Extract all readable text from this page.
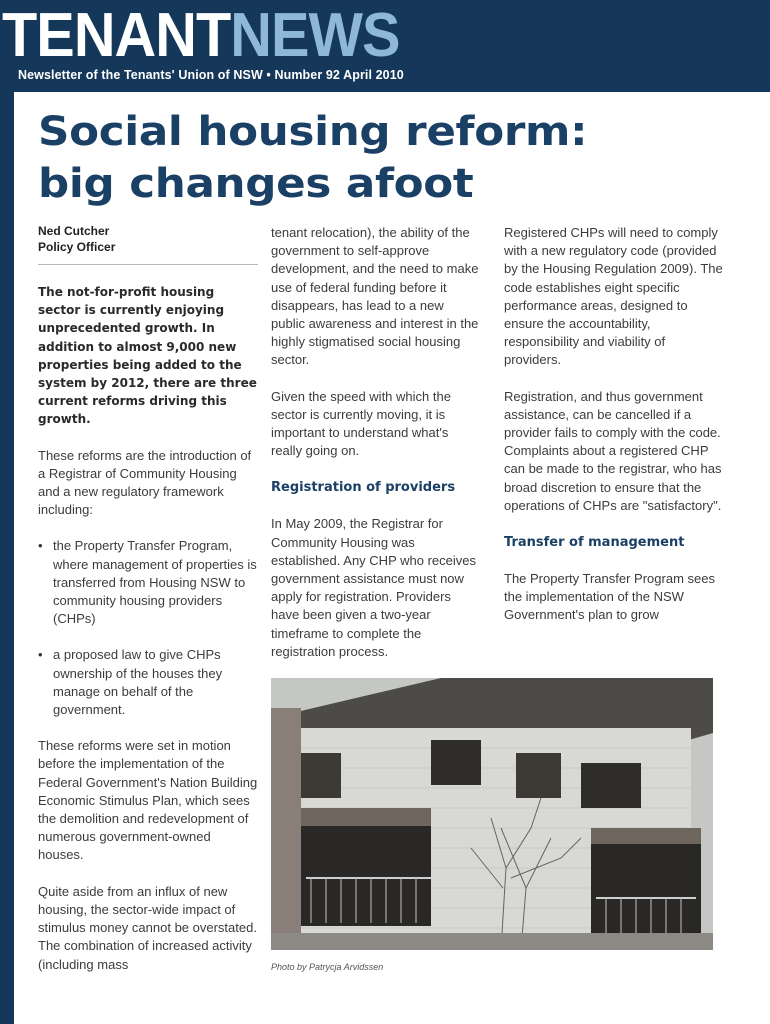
TENANTNEWS
Newsletter of the Tenants' Union of NSW • Number 92 April 2010
Social housing reform:
big changes afoot
Ned Cutcher
Policy Officer

The not-for-profit housing sector is currently enjoying unprecedented growth. In addition to almost 9,000 new properties being added to the system by 2012, there are three current reforms driving this growth.

These reforms are the introduction of a Registrar of Community Housing and a new regulatory framework including:

• the Property Transfer Program, where management of properties is transferred from Housing NSW to community housing providers (CHPs)
• a proposed law to give CHPs ownership of the houses they manage on behalf of the government.

These reforms were set in motion before the implementation of the Federal Government's Nation Building Economic Stimulus Plan, which sees the demolition and redevelopment of numerous government-owned houses.

Quite aside from an influx of new housing, the sector-wide impact of stimulus money cannot be overstated. The combination of increased activity (including mass

tenant relocation), the ability of the government to self-approve development, and the need to make use of federal funding before it disappears, has lead to a new public awareness and interest in the highly stigmatised social housing sector.

Given the speed with which the sector is currently moving, it is important to understand what's really going on.

Registration of providers

In May 2009, the Registrar for Community Housing was established. Any CHP who receives government assistance must now apply for registration. Providers have been given a two-year timeframe to complete the registration process.

Registered CHPs will need to comply with a new regulatory code (provided by the Housing Regulation 2009). The code establishes eight specific performance areas, designed to ensure the accountability, responsibility and viability of providers.

Registration, and thus government assistance, can be cancelled if a provider fails to comply with the code. Complaints about a registered CHP can be made to the registrar, who has broad discretion to ensure that the operations of CHPs are "satisfactory".

Transfer of management

The Property Transfer Program sees the implementation of the NSW Government's plan to grow

Photo by Patrycja Arvidssen
